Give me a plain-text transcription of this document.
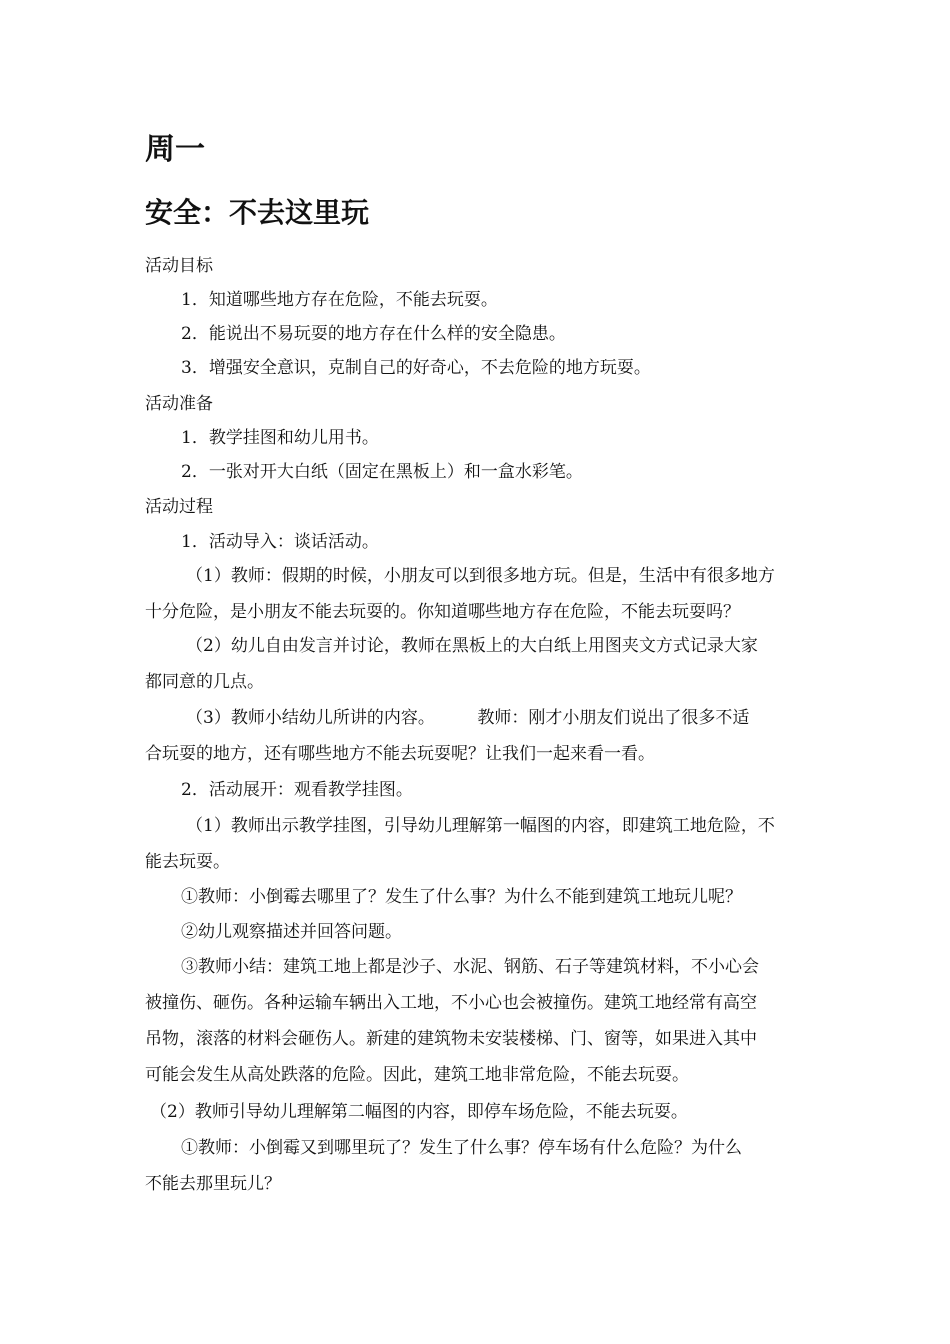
周一
安全：不去这里玩
活动目标
1．知道哪些地方存在危险，不能去玩耍。
2．能说出不易玩耍的地方存在什么样的安全隐患。
3．增强安全意识，克制自己的好奇心，不去危险的地方玩耍。
活动准备
1．教学挂图和幼儿用书。
2．一张对开大白纸（固定在黑板上）和一盒水彩笔。
活动过程
1．活动导入：谈话活动。
（1）教师：假期的时候，小朋友可以到很多地方玩。但是，生活中有很多地方
十分危险，是小朋友不能去玩耍的。你知道哪些地方存在危险，不能去玩耍吗？
（2）幼儿自由发言并讨论，教师在黑板上的大白纸上用图夹文方式记录大家
都同意的几点。
（3）教师小结幼儿所讲的内容。　　　教师：刚才小朋友们说出了很多不适
合玩耍的地方，还有哪些地方不能去玩耍呢？让我们一起来看一看。
2．活动展开：观看教学挂图。
（1）教师出示教学挂图，引导幼儿理解第一幅图的内容，即建筑工地危险，不
能去玩耍。
①教师：小倒霉去哪里了？发生了什么事？为什么不能到建筑工地玩儿呢？
②幼儿观察描述并回答问题。
③教师小结：建筑工地上都是沙子、水泥、钢筋、石子等建筑材料，不小心会
被撞伤、砸伤。各种运输车辆出入工地，不小心也会被撞伤。建筑工地经常有高空
吊物，滚落的材料会砸伤人。新建的建筑物未安装楼梯、门、窗等，如果进入其中
可能会发生从高处跌落的危险。因此，建筑工地非常危险，不能去玩耍。
（2）教师引导幼儿理解第二幅图的内容，即停车场危险，不能去玩耍。
①教师：小倒霉又到哪里玩了？发生了什么事？停车场有什么危险？为什么
不能去那里玩儿？
